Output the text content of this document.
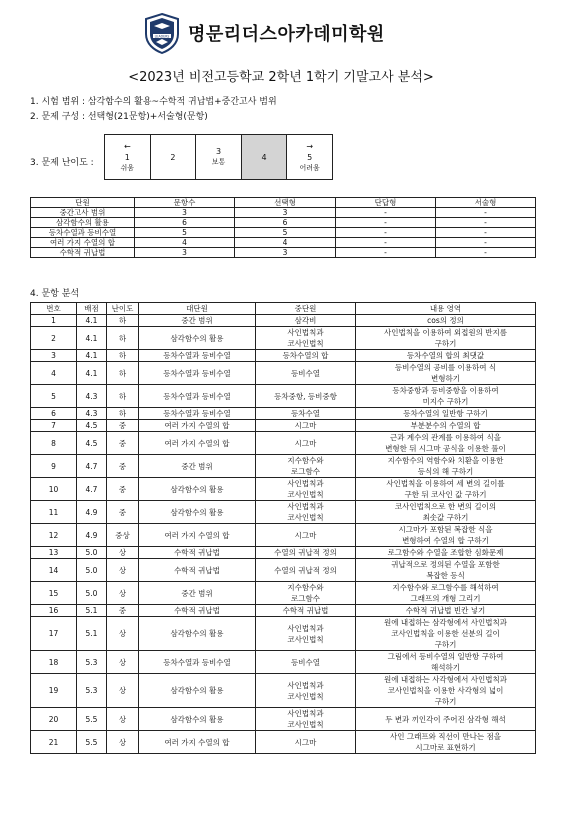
LEADERS 명문리더스아카데미학원
<2023년 비전고등학교 2학년 1학기 기말고사 분석>
1. 시험 범위 : 삼각함수의 활용~수학적 귀납법+중간고사 범위
2. 문제 구성 : 선택형(21문항)+서술형(문항)
3. 문제 난이도 :
←
1
쉬움

2

3
보통

4

→
5
어려움
단원	문항수	선택형	단답형	서술형
중간고사 범위	3	3	-	-
삼각함수의 활용	6	6	-	-
등차수열과 등비수열	5	5	-	-
여러 가지 수열의 합	4	4	-	-
수학적 귀납법	3	3	-	-
4. 문항 분석
번호	배점	난이도	대단원	중단원	내용 영역
1	4.1	하	중간 범위	삼각비	cos의 정의
2	4.1	하	삼각함수의 활용	사인법칙과
코사인법칙	사인법칙을 이용하여 외접원의 반지름
구하기
3	4.1	하	등차수열과 등비수열	등차수열의 합	등차수열의 합의 최댓값
4	4.1	하	등차수열과 등비수열	등비수열	등비수열의 공비를 이용하여 식
변형하기
5	4.3	하	등차수열과 등비수열	등차중항, 등비중항	등차중항과 등비중항을 이용하여
미지수 구하기
6	4.3	하	등차수열과 등비수열	등차수열	등차수열의 일반항 구하기
7	4.5	중	여러 가지 수열의 합	시그마	부분분수의 수열의 합
8	4.5	중	여러 가지 수열의 합	시그마	근과 계수의 관계를 이용하여 식을
변형한 뒤 시그마 공식을 이용한 풀이
9	4.7	중	중간 범위	지수함수와
로그함수	지수함수의 역함수와 치환을 이용한
등식의 해 구하기
10	4.7	중	삼각함수의 활용	사인법칙과
코사인법칙	사인법칙을 이용하여 세 변의 길이를
구한 뒤 코사인 값 구하기
11	4.9	중	삼각함수의 활용	사인법칙과
코사인법칙	코사인법칙으로 한 변의 길이의
최솟값 구하기
12	4.9	중상	여러 가지 수열의 합	시그마	시그마가 포함된 복잡한 식을
변형하여 수열의 합 구하기
13	5.0	상	수학적 귀납법	수열의 귀납적 정의	로그함수와 수열을 조합한 심화문제
14	5.0	상	수학적 귀납법	수열의 귀납적 정의	귀납적으로 정의된 수열을 포함한
복잡한 등식
15	5.0	상	중간 범위	지수함수와
로그함수	지수함수와 로그함수를 해석하여
그래프의 개형 그리기
16	5.1	중	수학적 귀납법	수학적 귀납법	수학적 귀납법 빈칸 넣기
17	5.1	상	삼각함수의 활용	사인법칙과
코사인법칙	원에 내접하는 삼각형에서 사인법칙과
코사인법칙을 이용한 선분의 길이
구하기
18	5.3	상	등차수열과 등비수열	등비수열	그림에서 등비수열의 일반항 구하여
해석하기
19	5.3	상	삼각함수의 활용	사인법칙과
코사인법칙	원에 내접하는 사각형에서 사인법칙과
코사인법칙을 이용한 사각형의 넓이
구하기
20	5.5	상	삼각함수의 활용	사인법칙과
코사인법칙	두 변과 끼인각이 주어진 삼각형 해석
21	5.5	상	여러 가지 수열의 합	시그마	사인 그래프와 직선이 만나는 점을
시그마로 표현하기
